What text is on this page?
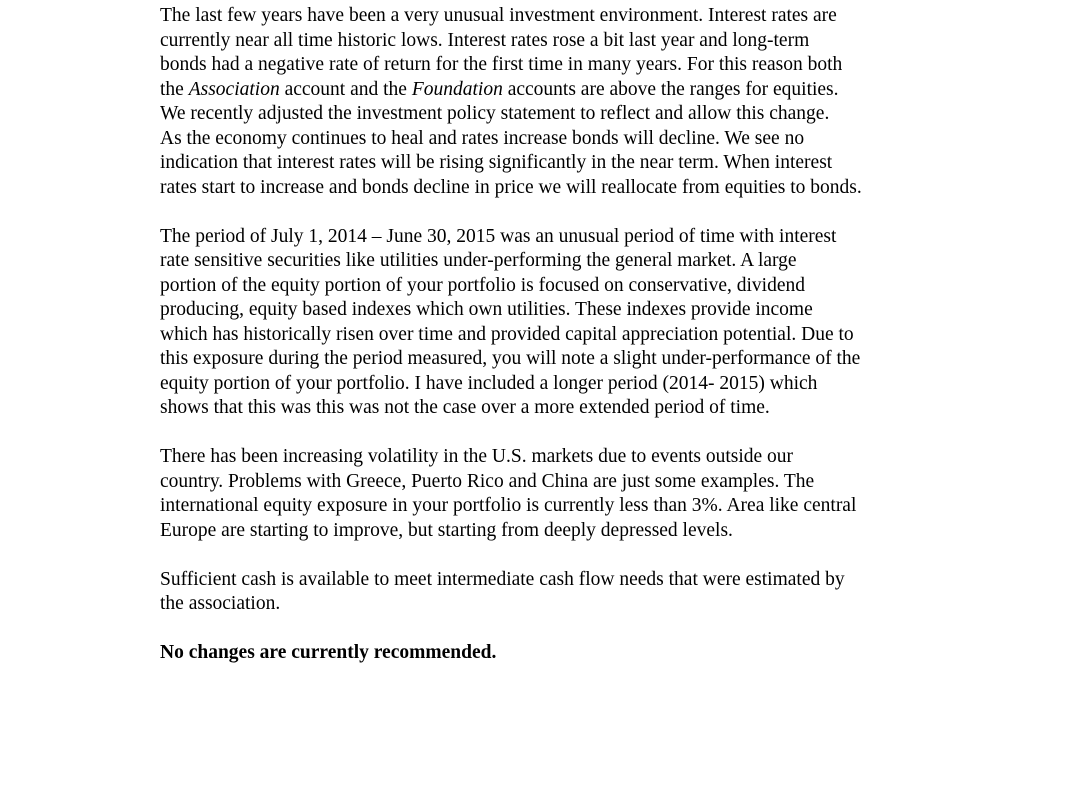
The last few years have been a very unusual investment environment. Interest rates are
currently near all time historic lows. Interest rates rose a bit last year and long-term
bonds had a negative rate of return for the first time in many years. For this reason both
the Association account and the Foundation accounts are above the ranges for equities.
We recently adjusted the investment policy statement to reflect and allow this change.
As the economy continues to heal and rates increase bonds will decline. We see no
indication that interest rates will be rising significantly in the near term. When interest
rates start to increase and bonds decline in price we will reallocate from equities to bonds.

The period of July 1, 2014 – June 30, 2015 was an unusual period of time with interest
rate sensitive securities like utilities under-performing the general market. A large
portion of the equity portion of your portfolio is focused on conservative, dividend
producing, equity based indexes which own utilities. These indexes provide income
which has historically risen over time and provided capital appreciation potential. Due to
this exposure during the period measured, you will note a slight under-performance of the
equity portion of your portfolio. I have included a longer period (2014- 2015) which
shows that this was this was not the case over a more extended period of time.

There has been increasing volatility in the U.S. markets due to events outside our
country. Problems with Greece, Puerto Rico and China are just some examples. The
international equity exposure in your portfolio is currently less than 3%. Area like central
Europe are starting to improve, but starting from deeply depressed levels.

Sufficient cash is available to meet intermediate cash flow needs that were estimated by
the association.

No changes are currently recommended.
